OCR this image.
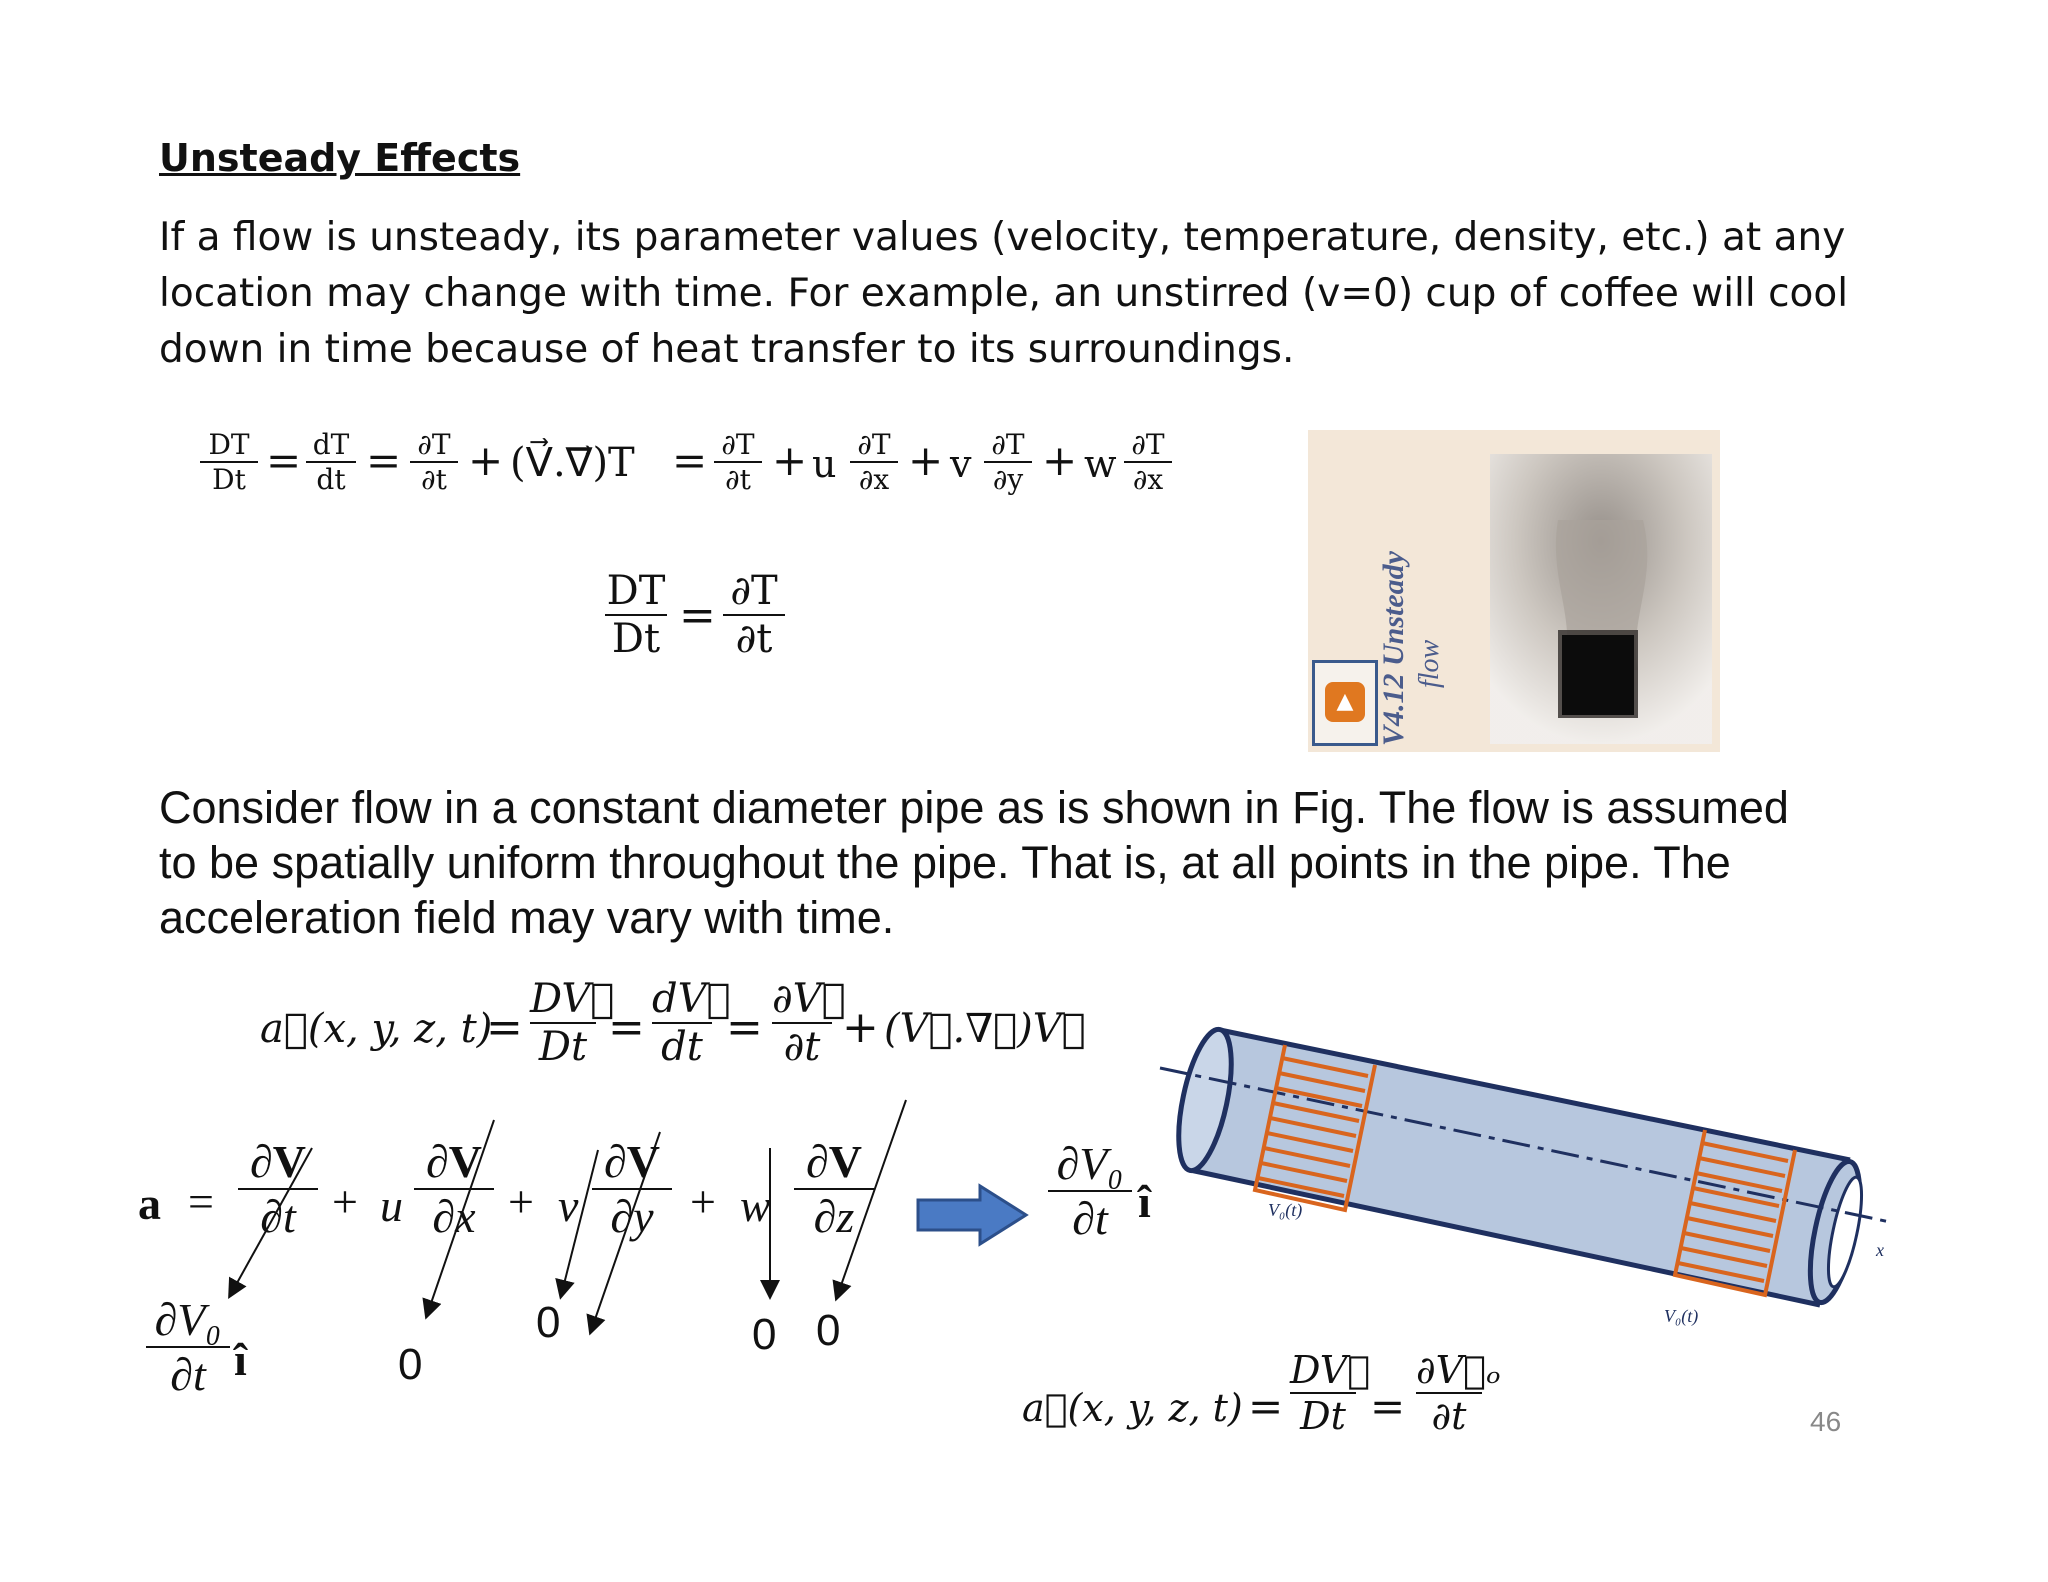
Unsteady Effects
If a flow is unsteady, its parameter values (velocity, temperature, density, etc.) at any
location may change with time. For example, an unstirred (v=0) cup of coffee will cool
down in time because of heat transfer to its surroundings.
DT
Dt = dT
dt = ∂T
∂t + (V⃗.∇⃗)T = ∂T
∂t + u ∂T
∂x + v ∂T
∂y + w ∂T
∂x
DT
Dt = ∂T
∂t
▲ V4.12 Unsteady flow
Consider flow in a constant diameter pipe as is shown in Fig. The flow is assumed
to be spatially uniform throughout the pipe. That is, at all points in the pipe. The
acceleration field may vary with time.
a⃗(x, y, z, t)
=
DV⃗
Dt =
dV⃗
dt =
∂V⃗
∂t + (V⃗.∇⃗)V⃗
a =
∂V
∂t + u
∂V
∂x + v
∂V
∂y + w
∂V
∂z
∂V₀
∂t î
∂V₀
∂t î	0
0	0 0
V₀(t)
V₀(t)
x
a⃗(x, y, z, t) =
DV⃗
Dt =
∂V⃗ₒ
∂t	46
